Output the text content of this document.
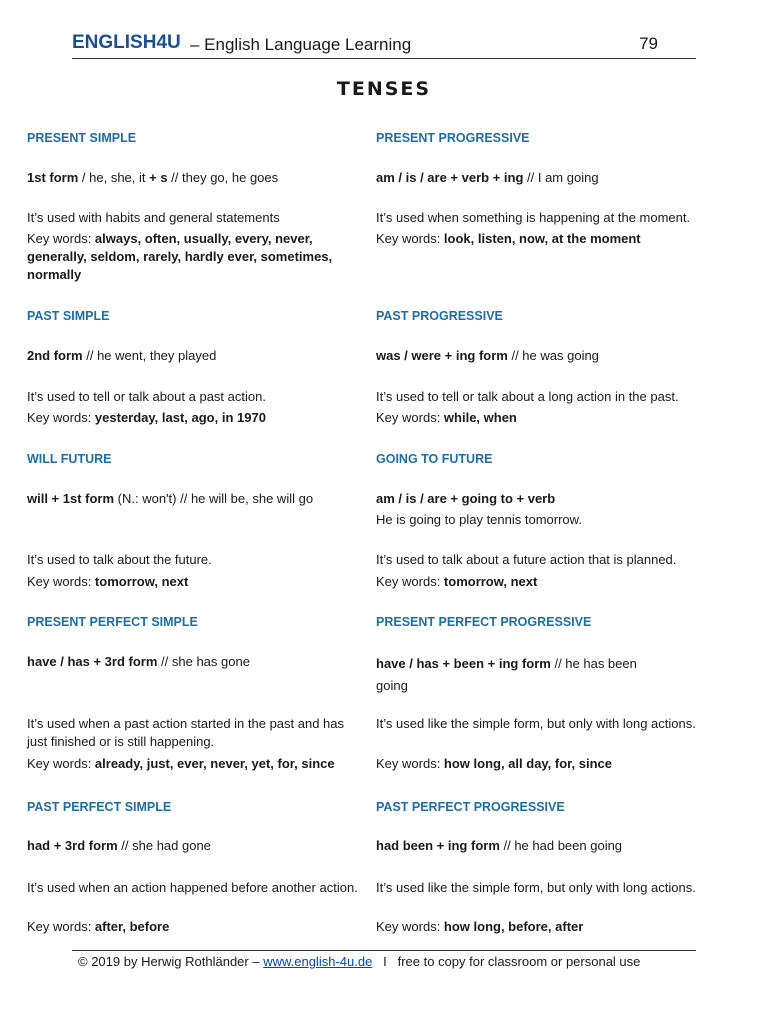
ENGLISH4U – English Language Learning	79
TENSES
PRESENT SIMPLE
1st form / he, she, it + s // they go, he goes
It’s used with habits and general statements
Key words: always, often, usually, every, never, generally, seldom, rarely, hardly ever, sometimes, normally
PRESENT PROGRESSIVE
am / is / are + verb + ing // I am going
It’s used when something is happening at the moment.
Key words: look, listen, now, at the moment
PAST SIMPLE
2nd form // he went, they played
It’s used to tell or talk about a past action.
Key words: yesterday, last, ago, in 1970
PAST PROGRESSIVE
was / were + ing form // he was going
It’s used to tell or talk about a long action in the past.
Key words: while, when
WILL FUTURE
will + 1st form (N.: won't) // he will be, she will go
It’s used to talk about the future.
Key words: tomorrow, next
GOING TO FUTURE
am / is / are + going to + verb
He is going to play tennis tomorrow.
It’s used to talk about a future action that is planned.
Key words: tomorrow, next
PRESENT PERFECT SIMPLE
have / has + 3rd form // she has gone
It’s used when a past action started in the past and has just finished or is still happening.
Key words: already, just, ever, never, yet, for, since
PRESENT PERFECT PROGRESSIVE
have / has + been + ing form // he has been going
It’s used like the simple form, but only with long actions.
Key words: how long, all day, for, since
PAST PERFECT SIMPLE
had + 3rd form // she had gone
It’s used when an action happened before another action.
Key words: after, before
PAST PERFECT PROGRESSIVE
had been + ing form // he had been going
It’s used like the simple form, but only with long actions.
Key words: how long, before, after
© 2019 by Herwig Rothländer – www.english-4u.de   I   free to copy for classroom or personal use
